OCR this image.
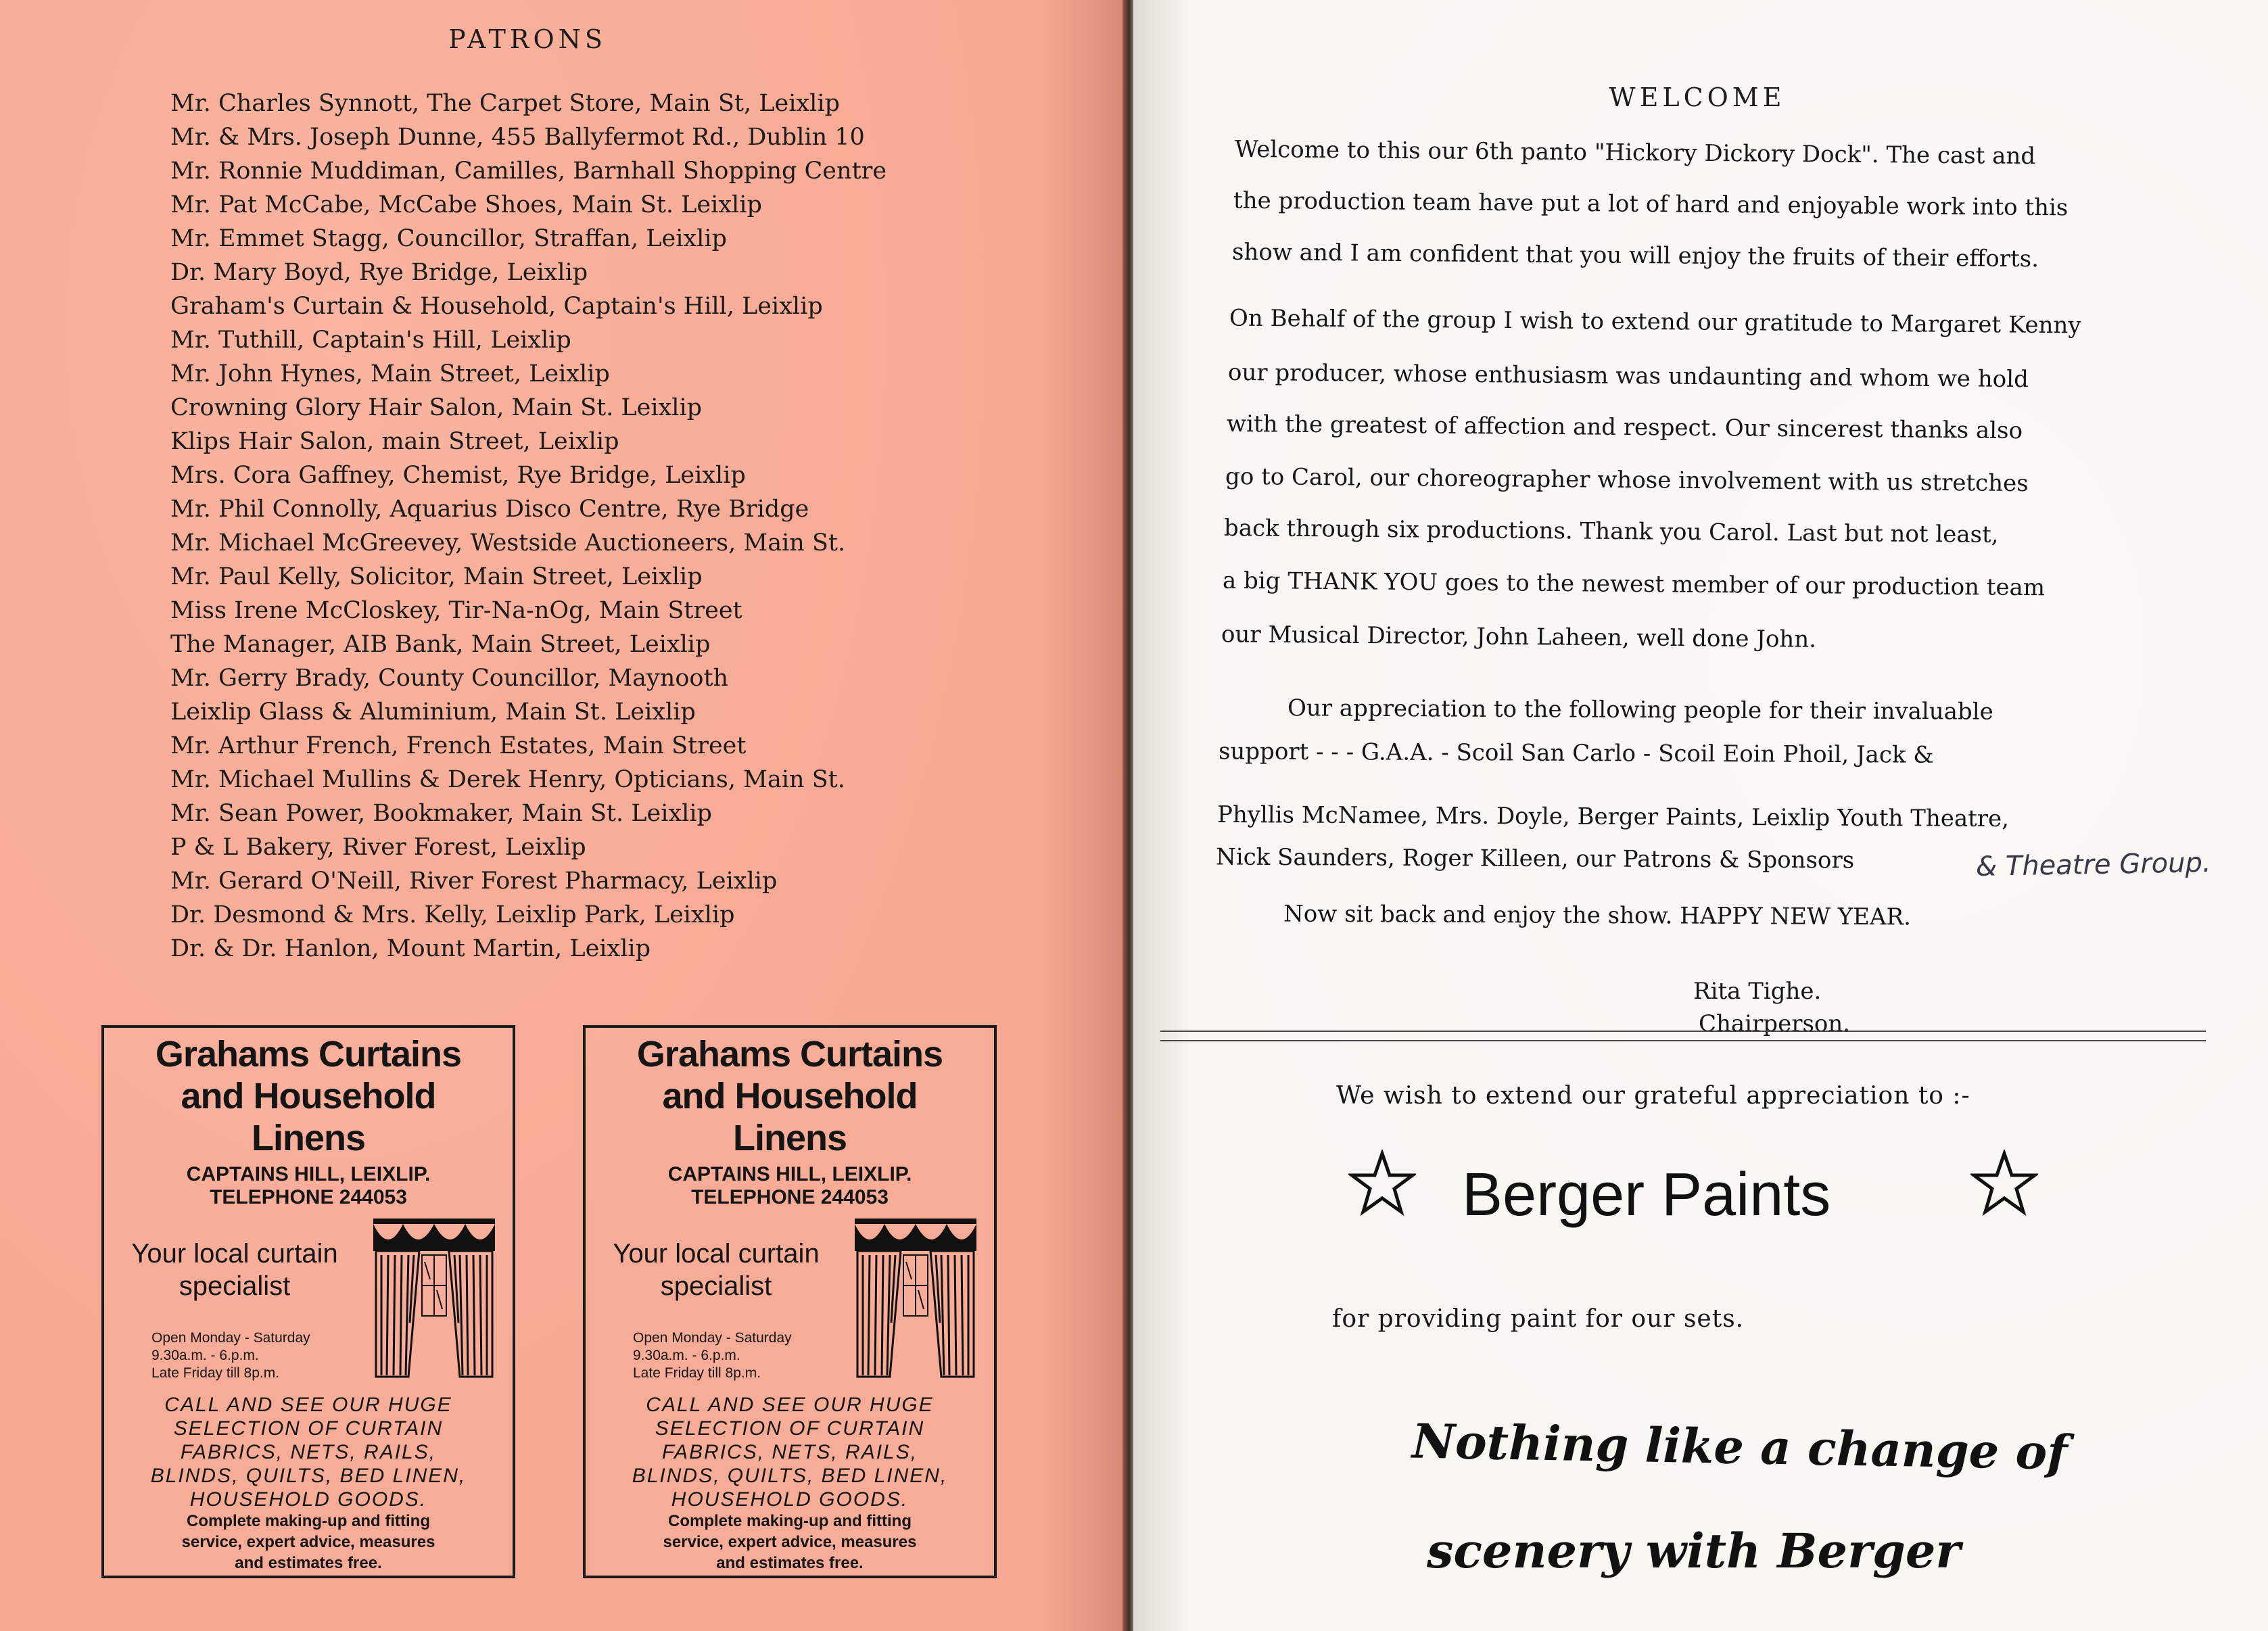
PATRONS
Mr. Charles Synnott, The Carpet Store, Main St, Leixlip
Mr. & Mrs. Joseph Dunne, 455 Ballyfermot Rd., Dublin 10
Mr. Ronnie Muddiman, Camilles, Barnhall Shopping Centre
Mr. Pat McCabe, McCabe Shoes, Main St. Leixlip
Mr. Emmet Stagg, Councillor, Straffan, Leixlip
Dr. Mary Boyd, Rye Bridge, Leixlip
Graham's Curtain & Household, Captain's Hill, Leixlip
Mr. Tuthill, Captain's Hill, Leixlip
Mr. John Hynes, Main Street, Leixlip
Crowning Glory Hair Salon, Main St. Leixlip
Klips Hair Salon, main Street, Leixlip
Mrs. Cora Gaffney, Chemist, Rye Bridge, Leixlip
Mr. Phil Connolly, Aquarius Disco Centre, Rye Bridge
Mr. Michael McGreevey, Westside Auctioneers, Main St.
Mr. Paul Kelly, Solicitor, Main Street, Leixlip
Miss Irene McCloskey, Tir-Na-nOg, Main Street
The Manager, AIB Bank, Main Street, Leixlip
Mr. Gerry Brady, County Councillor, Maynooth
Leixlip Glass & Aluminium, Main St. Leixlip
Mr. Arthur French, French Estates, Main Street
Mr. Michael Mullins & Derek Henry, Opticians, Main St.
Mr. Sean Power, Bookmaker, Main St. Leixlip
P & L Bakery, River Forest, Leixlip
Mr. Gerard O'Neill, River Forest Pharmacy, Leixlip
Dr. Desmond & Mrs. Kelly, Leixlip Park, Leixlip
Dr. & Dr. Hanlon, Mount Martin, Leixlip
Grahams Curtains
and Household
Linens
CAPTAINS HILL, LEIXLIP.
TELEPHONE 244053
Your local curtain
specialist
Open Monday - Saturday
9.30a.m. - 6.p.m.
Late Friday till 8p.m.
CALL AND SEE OUR HUGE
SELECTION OF CURTAIN
FABRICS, NETS, RAILS,
BLINDS, QUILTS, BED LINEN,
HOUSEHOLD GOODS.
Complete making-up and fitting
service, expert advice, measures
and estimates free.
Grahams Curtains
and Household
Linens
CAPTAINS HILL, LEIXLIP.
TELEPHONE 244053
Your local curtain
specialist
Open Monday - Saturday
9.30a.m. - 6.p.m.
Late Friday till 8p.m.
CALL AND SEE OUR HUGE
SELECTION OF CURTAIN
FABRICS, NETS, RAILS,
BLINDS, QUILTS, BED LINEN,
HOUSEHOLD GOODS.
Complete making-up and fitting
service, expert advice, measures
and estimates free.
WELCOME
Welcome to this our 6th panto "Hickory Dickory Dock". The cast and
the production team have put a lot of hard and enjoyable work into this
show and I am confident that you will enjoy the fruits of their efforts.
On Behalf of the group I wish to extend our gratitude to Margaret Kenny
our producer, whose enthusiasm was undaunting and whom we hold
with the greatest of affection and respect. Our sincerest thanks also
go to Carol, our choreographer whose involvement with us stretches
back through six productions. Thank you Carol. Last but not least,
a big THANK YOU goes to the newest member of our production team
our Musical Director, John Laheen, well done John.
Our appreciation to the following people for their invaluable
support - - - G.A.A. - Scoil San Carlo - Scoil Eoin Phoil, Jack &
Phyllis McNamee, Mrs. Doyle, Berger Paints, Leixlip Youth Theatre,
Nick Saunders, Roger Killeen, our Patrons & Sponsors
Now sit back and enjoy the show. HAPPY NEW YEAR.
& Theatre Group.
Rita Tighe.
Chairperson.
We wish to extend our grateful appreciation to :-
Berger Paints
for providing paint for our sets.
Nothing like a change of
scenery with Berger
